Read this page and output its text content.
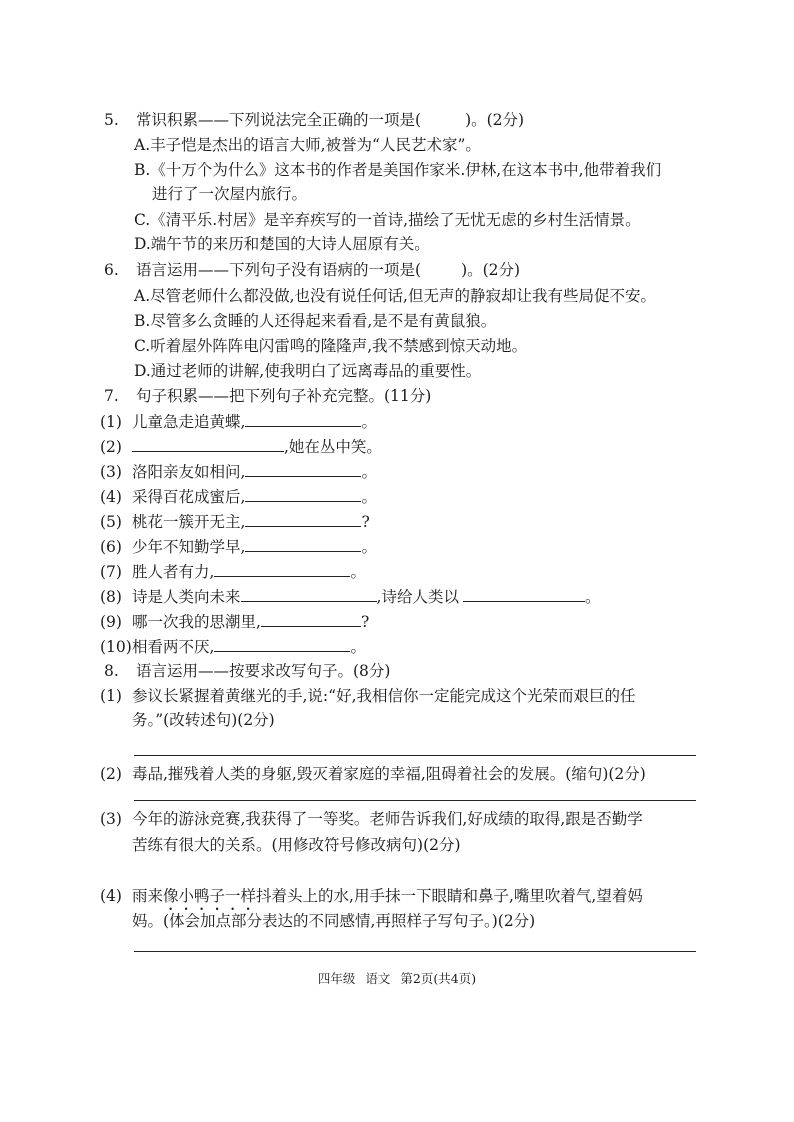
5. 常识积累——下列说法完全正确的一项是(	)。(2分)
A.丰子恺是杰出的语言大师,被誉为“人民艺术家”。
B.《十万个为什么》这本书的作者是美国作家米.伊林,在这本书中,他带着我们
进行了一次屋内旅行。
C.《清平乐.村居》是辛弃疾写的一首诗,描绘了无忧无虑的乡村生活情景。
D.端午节的来历和楚国的大诗人屈原有关。
6. 语言运用——下列句子没有语病的一项是(	)。(2分)
A.尽管老师什么都没做,也没有说任何话,但无声的静寂却让我有些局促不安。
B.尽管多么贪睡的人还得起来看看,是不是有黄鼠狼。
C.听着屋外阵阵电闪雷鸣的隆隆声,我不禁感到惊天动地。
D.通过老师的讲解,使我明白了远离毒品的重要性。
7. 句子积累——把下列句子补充完整。(11分)
(1) 儿童急走追黄蝶,	。
(2)	,她在丛中笑。
(3) 洛阳亲友如相问,	。
(4) 采得百花成蜜后,	。
(5) 桃花一簇开无主,	?
(6) 少年不知勤学早,	。
(7) 胜人者有力,	。
(8) 诗是人类向未来	,诗给人类以	。
(9) 哪一次我的思潮里,	?
(10)相看两不厌,	。
8. 语言运用——按要求改写句子。(8分)
(1) 参议长紧握着黄继光的手,说:“好,我相信你一定能完成这个光荣而艰巨的任
务。”(改转述句)(2分)
(2) 毒品,摧残着人类的身躯,毁灭着家庭的幸福,阻碍着社会的发展。(缩句)(2分)
(3) 今年的游泳竞赛,我获得了一等奖。老师告诉我们,好成绩的取得,跟是否勤学
苦练有很大的关系。(用修改符号修改病句)(2分)
(4) 雨来像小鸭子一样抖着头上的水,用手抹一下眼睛和鼻子,嘴里吹着气,望着妈
妈。(体会加点部分表达的不同感情,再照样子写句子。)(2分)
四年级 语文 第2页(共4页)
